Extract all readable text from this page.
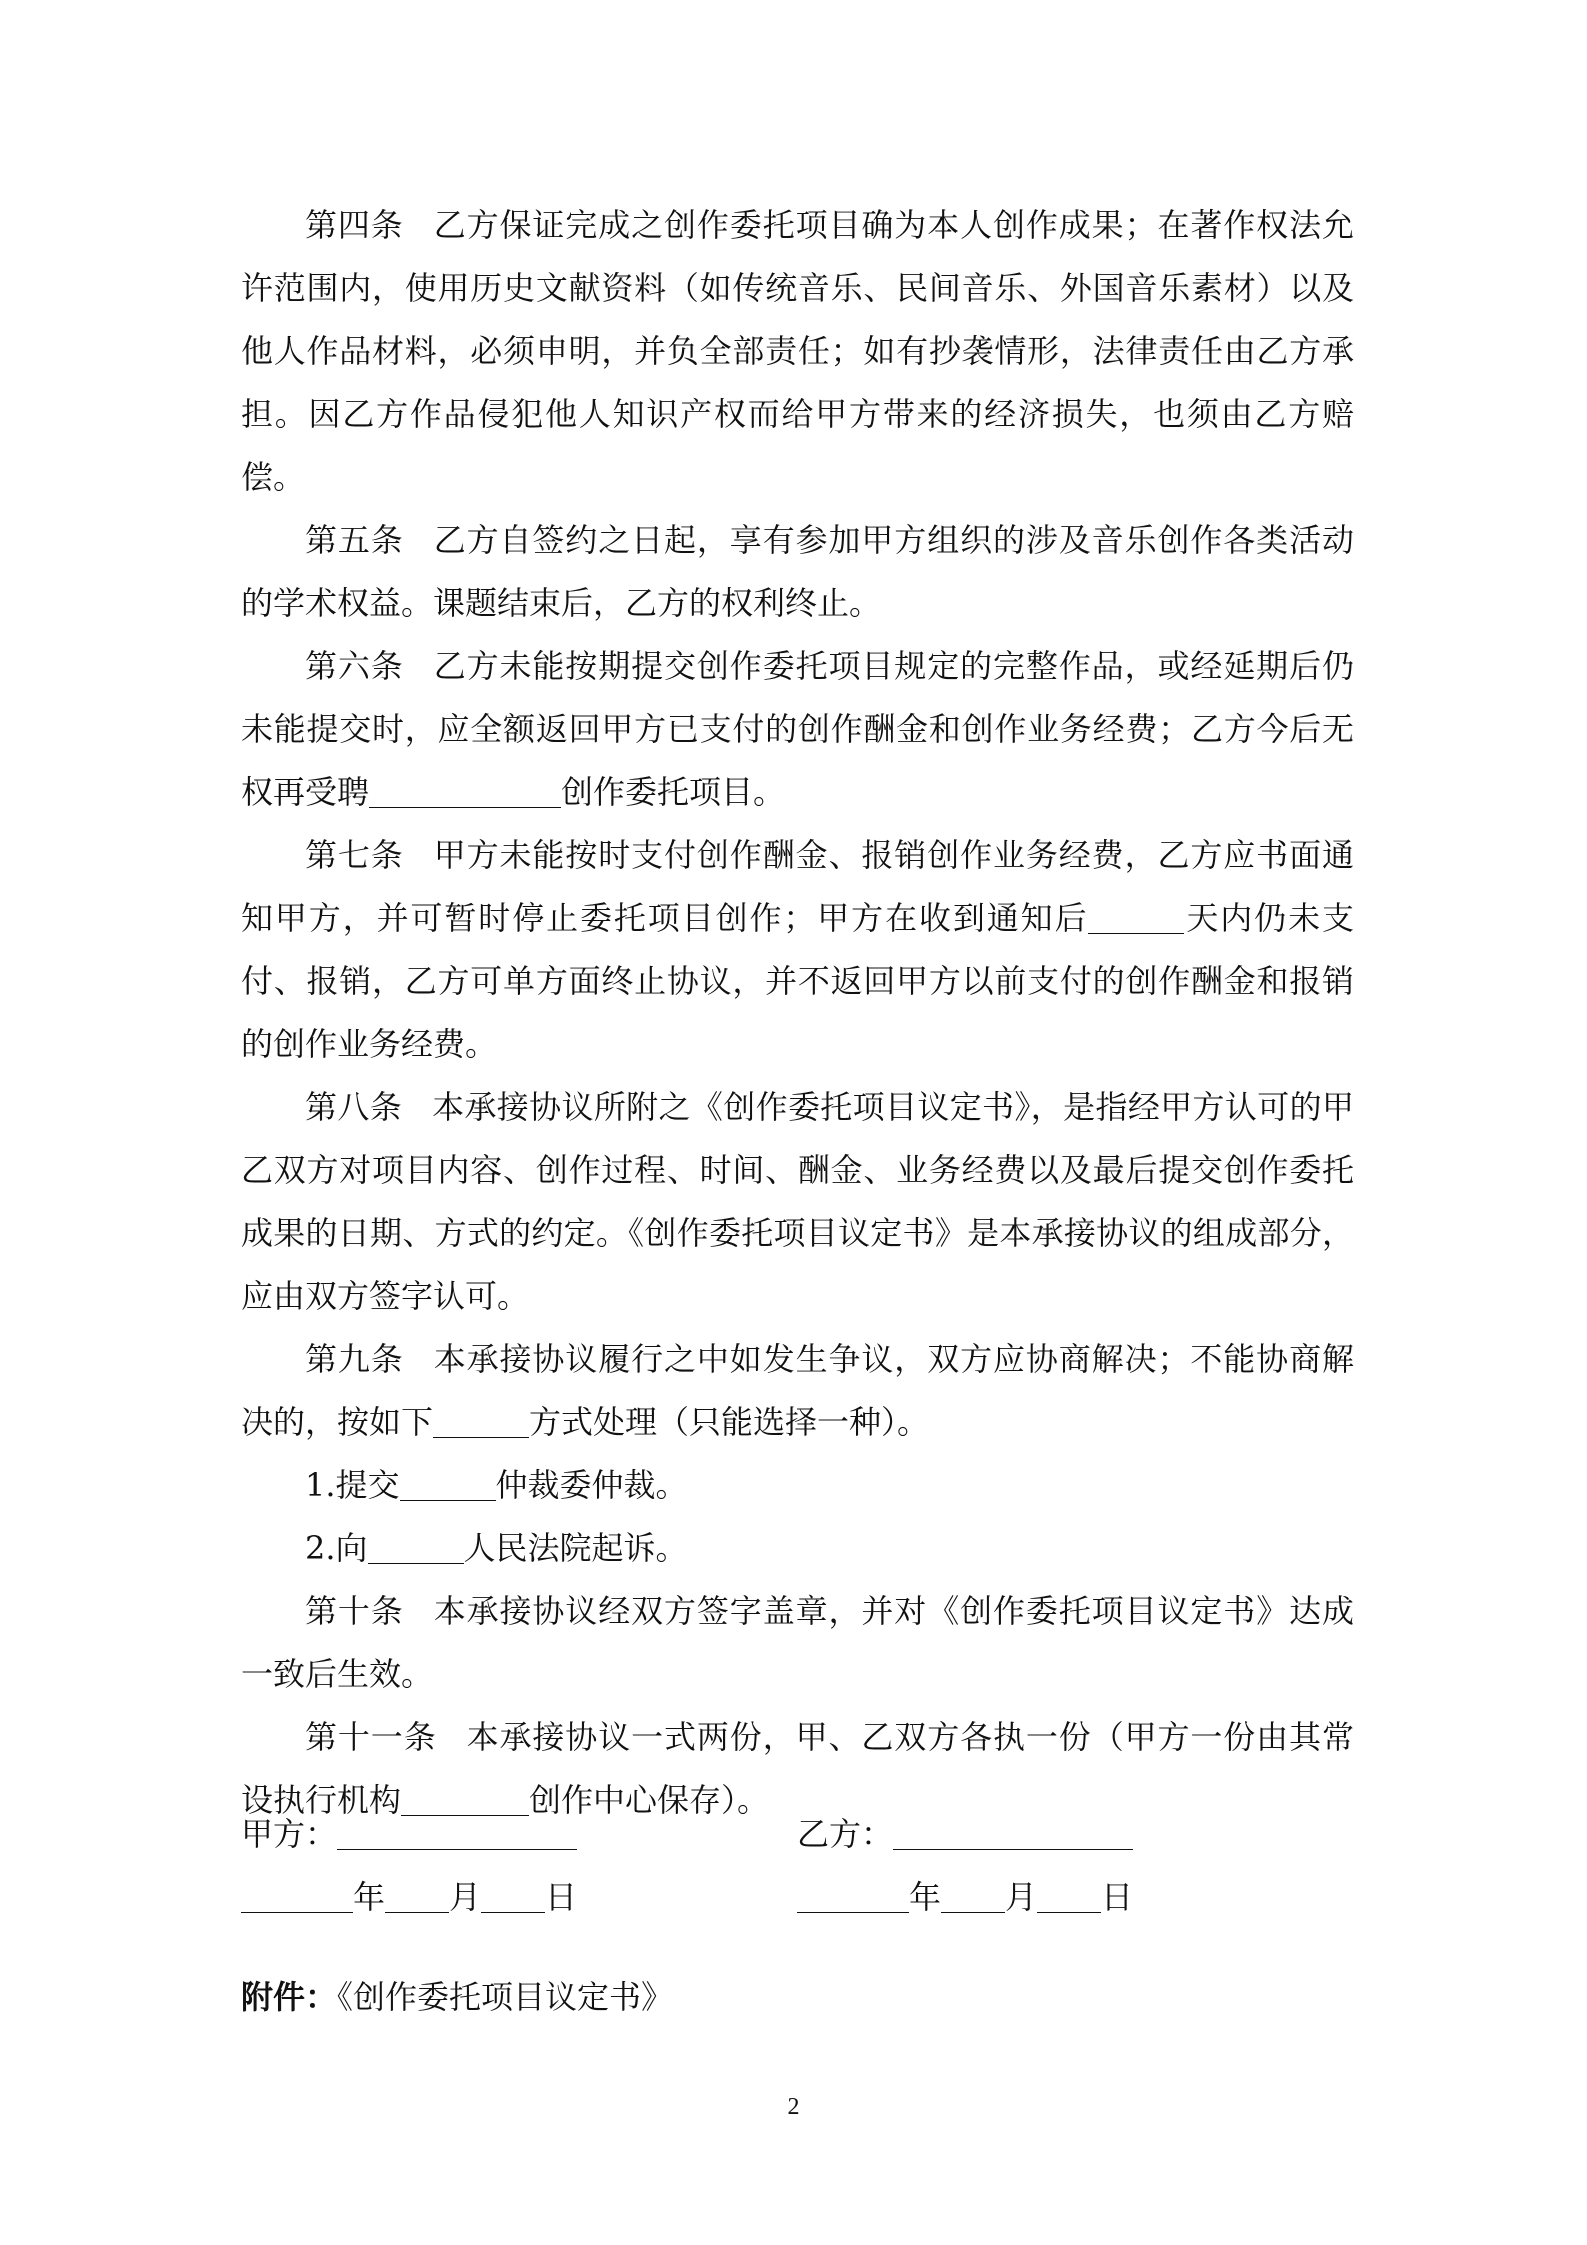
第四条 乙方保证完成之创作委托项目确为本人创作成果；在著作权法允许范围内，使用历史文献资料（如传统音乐、民间音乐、外国音乐素材）以及他人作品材料，必须申明，并负全部责任；如有抄袭情形，法律责任由乙方承担。因乙方作品侵犯他人知识产权而给甲方带来的经济损失，也须由乙方赔偿。

第五条 乙方自签约之日起，享有参加甲方组织的涉及音乐创作各类活动的学术权益。课题结束后，乙方的权利终止。

第六条 乙方未能按期提交创作委托项目规定的完整作品，或经延期后仍未能提交时，应全额返回甲方已支付的创作酬金和创作业务经费；乙方今后无权再受聘	创作委托项目。

第七条 甲方未能按时支付创作酬金、报销创作业务经费，乙方应书面通知甲方，并可暂时停止委托项目创作；甲方在收到通知后	天内仍未支付、报销，乙方可单方面终止协议，并不返回甲方以前支付的创作酬金和报销的创作业务经费。

第八条 本承接协议所附之《创作委托项目议定书》，是指经甲方认可的甲乙双方对项目内容、创作过程、时间、酬金、业务经费以及最后提交创作委托成果的日期、方式的约定。《创作委托项目议定书》是本承接协议的组成部分，应由双方签字认可。

第九条 本承接协议履行之中如发生争议，双方应协商解决；不能协商解决的，按如下	方式处理（只能选择一种）。

1.提交	仲裁委仲裁。

2.向	人民法院起诉。

第十条 本承接协议经双方签字盖章，并对《创作委托项目议定书》达成一致后生效。

第十一条 本承接协议一式两份，甲、乙双方各执一份（甲方一份由其常设执行机构	创作中心保存）。

甲方：
年 月 日
乙方：
年 月 日
附件：《创作委托项目议定书》
2
